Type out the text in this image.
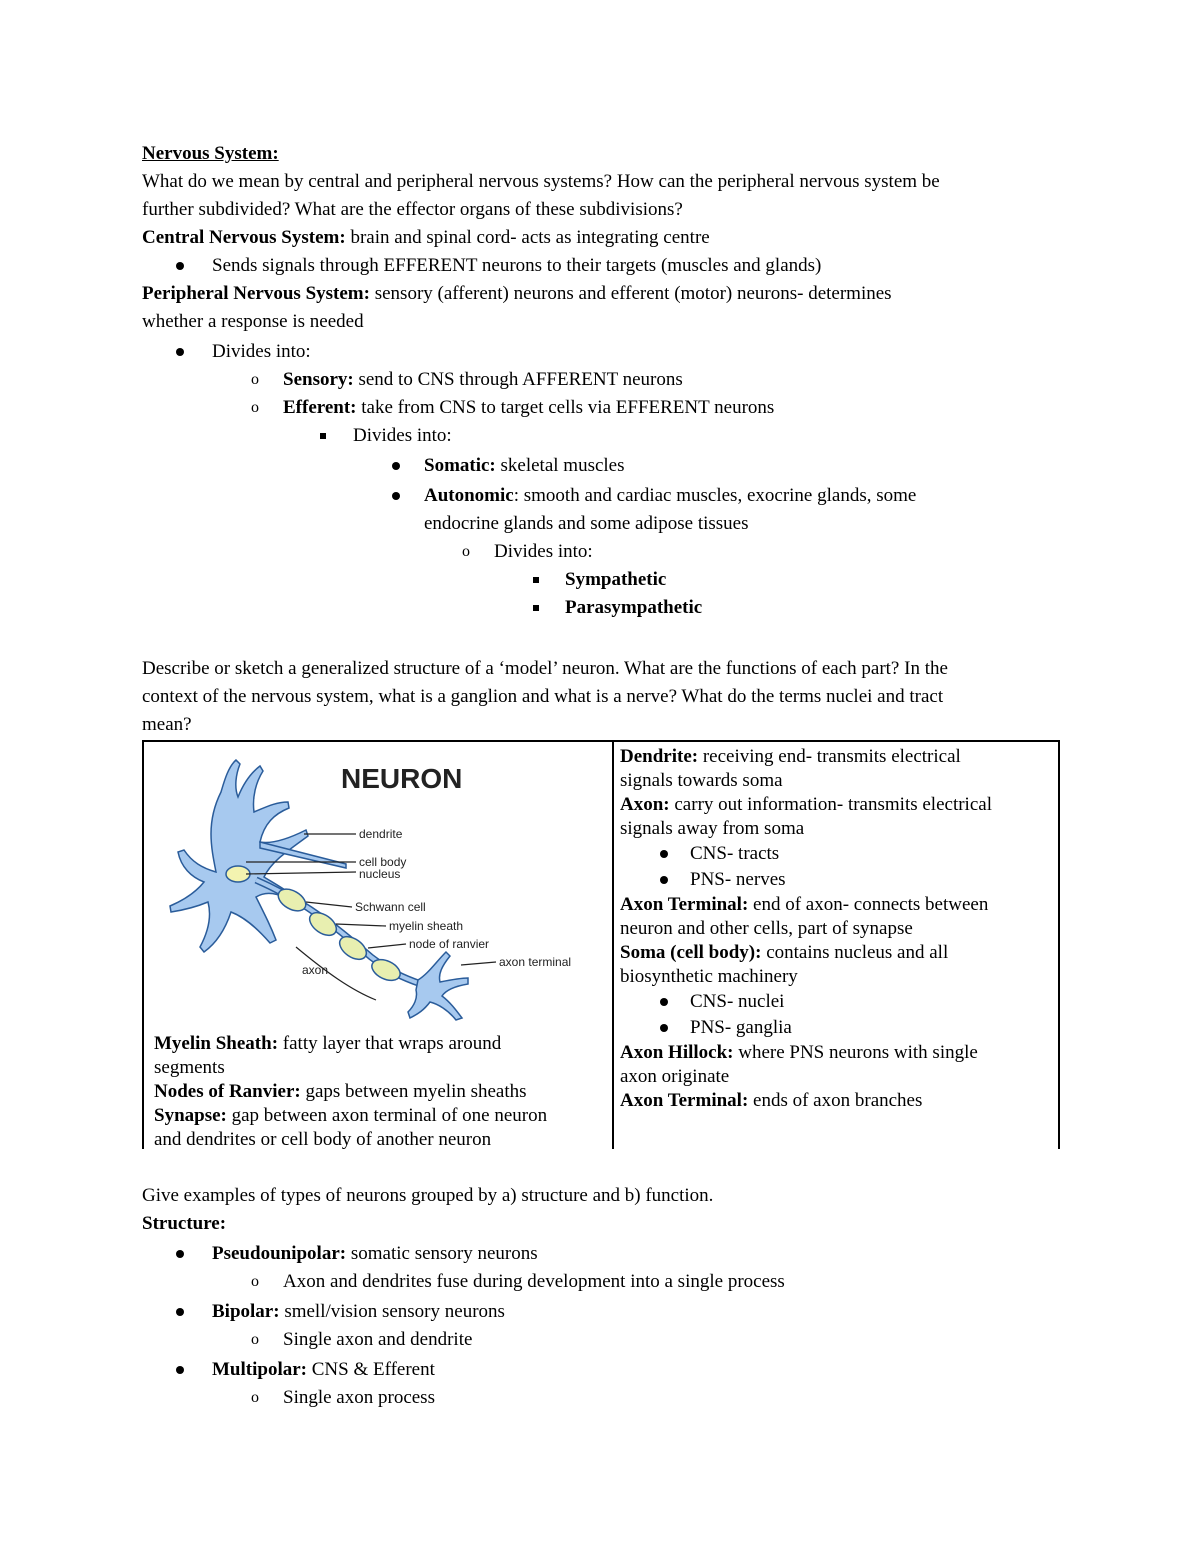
Nervous System:
What do we mean by central and peripheral nervous systems? How can the peripheral nervous system be
further subdivided? What are the effector organs of these subdivisions?
Central Nervous System: brain and spinal cord- acts as integrating centre
Sends signals through EFFERENT neurons to their targets (muscles and glands)
Peripheral Nervous System: sensory (afferent) neurons and efferent (motor) neurons- determines
whether a response is needed
Divides into:
o Sensory: send to CNS through AFFERENT neurons
o Efferent: take from CNS to target cells via EFFERENT neurons
Divides into:
Somatic: skeletal muscles
Autonomic: smooth and cardiac muscles, exocrine glands, some
endocrine glands and some adipose tissues
o Divides into:
Sympathetic
Parasympathetic
Describe or sketch a generalized structure of a ‘model’ neuron. What are the functions of each part? In the
context of the nervous system, what is a ganglion and what is a nerve? What do the terms nuclei and tract
mean?
NEURON
dendrite
cell body
nucleus
Schwann cell
myelin sheath
node of ranvier
axon terminal
axon
Myelin Sheath: fatty layer that wraps around
segments
Nodes of Ranvier: gaps between myelin sheaths
Synapse: gap between axon terminal of one neuron
and dendrites or cell body of another neuron
Dendrite: receiving end- transmits electrical
signals towards soma
Axon: carry out information- transmits electrical
signals away from soma
CNS- tracts
PNS- nerves
Axon Terminal: end of axon- connects between
neuron and other cells, part of synapse
Soma (cell body): contains nucleus and all
biosynthetic machinery
CNS- nuclei
PNS- ganglia
Axon Hillock: where PNS neurons with single
axon originate
Axon Terminal: ends of axon branches
Give examples of types of neurons grouped by a) structure and b) function.
Structure:
Pseudounipolar: somatic sensory neurons
o Axon and dendrites fuse during development into a single process
Bipolar: smell/vision sensory neurons
o Single axon and dendrite
Multipolar: CNS & Efferent
o Single axon process
